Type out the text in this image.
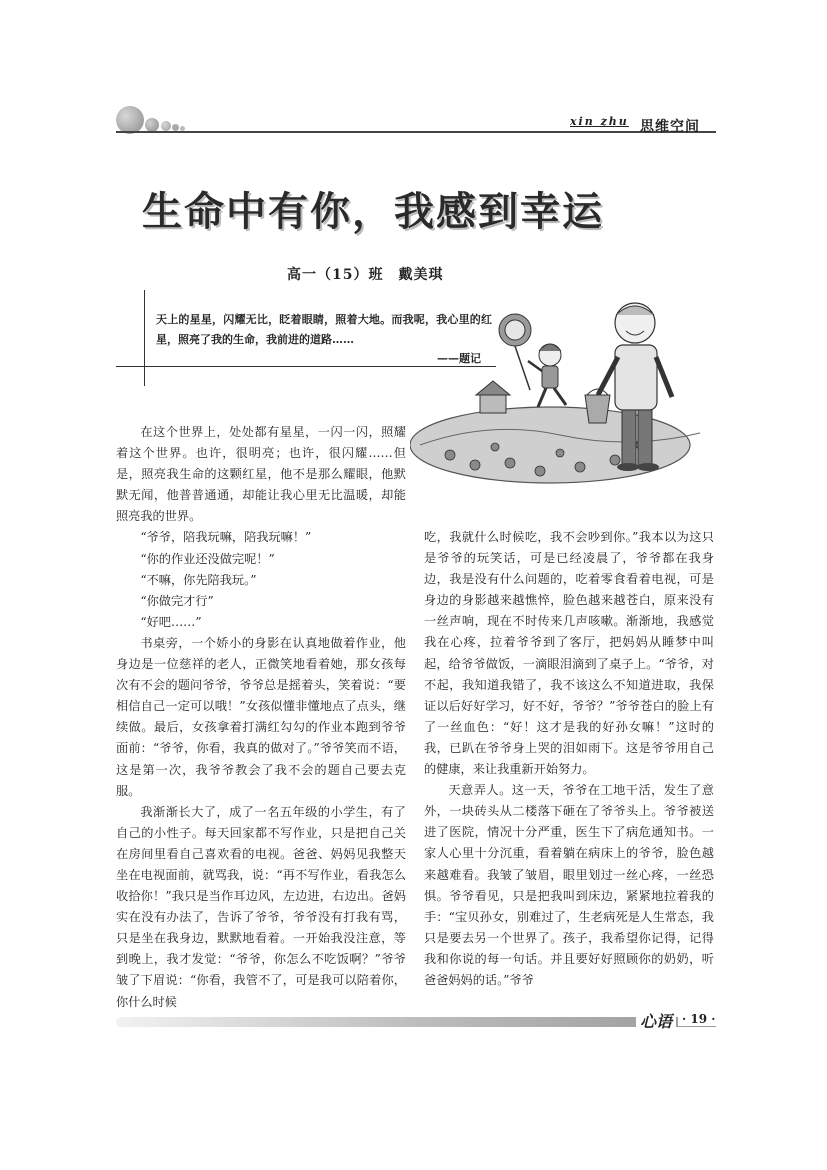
xin zhu 思维空间
生命中有你，我感到幸运
高一（15）班　戴美琪
天上的星星，闪耀无比，眨着眼睛，照着大地。而我呢，我心里的红星，照亮了我的生命，我前进的道路……
——题记

在这个世界上，处处都有星星，一闪一闪，照耀着这个世界。也许，很明亮；也许，很闪耀……但是，照亮我生命的这颗红星，他不是那么耀眼，他默默无闻，他普普通通，却能让我心里无比温暖，却能照亮我的世界。

“爷爷，陪我玩嘛，陪我玩嘛！”

“你的作业还没做完呢！”

“不嘛，你先陪我玩。”

“你做完才行”

“好吧……”

书桌旁，一个娇小的身影在认真地做着作业，他身边是一位慈祥的老人，正微笑地看着她，那女孩每次有不会的题问爷爷，爷爷总是摇着头，笑着说：“要相信自己一定可以哦！”女孩似懂非懂地点了点头，继续做。最后，女孩拿着打满红勾勾的作业本跑到爷爷面前：“爷爷，你看，我真的做对了。”爷爷笑而不语，这是第一次，我爷爷教会了我不会的题自己要去克服。

我渐渐长大了，成了一名五年级的小学生，有了自己的小性子。每天回家都不写作业，只是把自己关在房间里看自己喜欢看的电视。爸爸、妈妈见我整天坐在电视面前，就骂我，说：“再不写作业，看我怎么收拾你！”我只是当作耳边风，左边进，右边出。爸妈实在没有办法了，告诉了爷爷，爷爷没有打我有骂，只是坐在我身边，默默地看着。一开始我没注意，等到晚上，我才发觉：“爷爷，你怎么不吃饭啊？”爷爷皱了下眉说：“你看，我管不了，可是我可以陪着你，你什么时候

吃，我就什么时候吃，我不会吵到你。”我本以为这只是爷爷的玩笑话，可是已经凌晨了，爷爷都在我身边，我是没有什么问题的，吃着零食看着电视，可是身边的身影越来越憔悴，脸色越来越苍白，原来没有一丝声响，现在不时传来几声咳嗽。渐渐地，我感觉我在心疼，拉着爷爷到了客厅，把妈妈从睡梦中叫起，给爷爷做饭，一滴眼泪滴到了桌子上。“爷爷，对不起，我知道我错了，我不该这么不知道进取，我保证以后好好学习，好不好，爷爷？”爷爷苍白的脸上有了一丝血色：“好！这才是我的好孙女嘛！”这时的我，已趴在爷爷身上哭的泪如雨下。这是爷爷用自己的健康，来让我重新开始努力。

天意弄人。这一天，爷爷在工地干活，发生了意外，一块砖头从二楼落下砸在了爷爷头上。爷爷被送进了医院，情况十分严重，医生下了病危通知书。一家人心里十分沉重，看着躺在病床上的爷爷，脸色越来越难看。我皱了皱眉，眼里划过一丝心疼，一丝恐惧。爷爷看见，只是把我叫到床边，紧紧地拉着我的手：“宝贝孙女，别难过了，生老病死是人生常态，我只是要去另一个世界了。孩子，我希望你记得，记得我和你说的每一句话。并且要好好照顾你的奶奶，听爸爸妈妈的话。”爷爷

心语 · 19 ·
